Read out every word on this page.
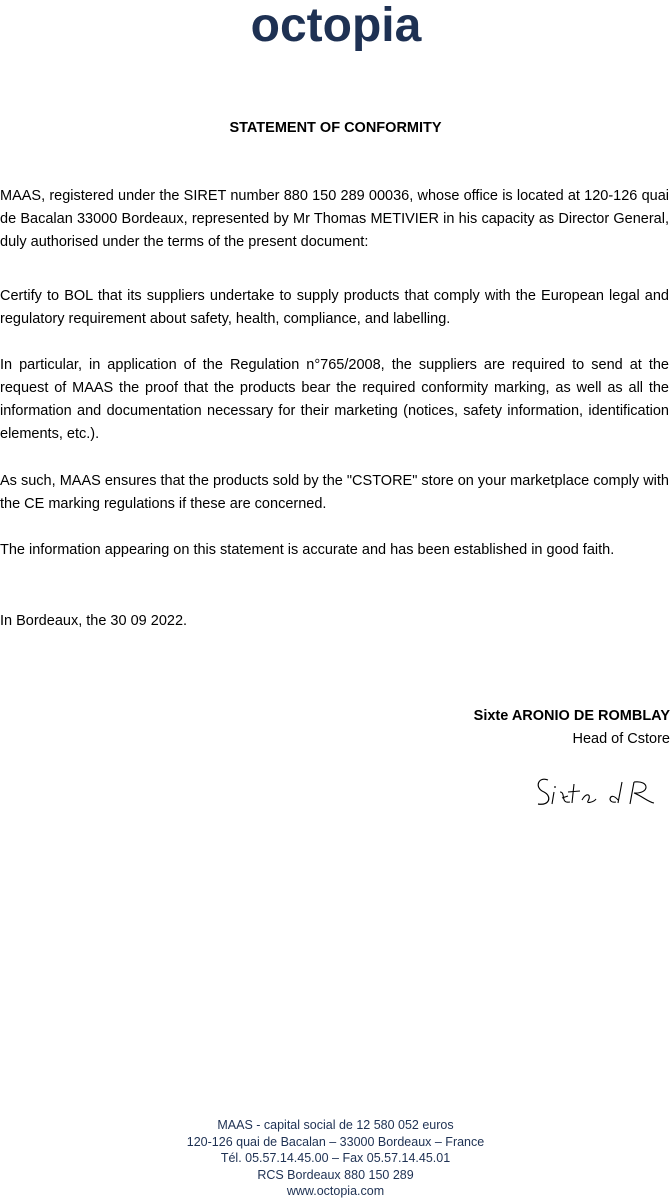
octopia
STATEMENT OF CONFORMITY

MAAS, registered under the SIRET number 880 150 289 00036, whose office is located at 120-126 quai de Bacalan 33000 Bordeaux, represented by Mr Thomas METIVIER in his capacity as Director General, duly authorised under the terms of the present document:

Certify to BOL that its suppliers undertake to supply products that comply with the European legal and regulatory requirement about safety, health, compliance, and labelling.

In particular, in application of the Regulation n°765/2008, the suppliers are required to send at the request of MAAS the proof that the products bear the required conformity marking, as well as all the information and documentation necessary for their marketing (notices, safety information, identification elements, etc.).

As such, MAAS ensures that the products sold by the "CSTORE" store on your marketplace comply with the CE marking regulations if these are concerned.

The information appearing on this statement is accurate and has been established in good faith.

In Bordeaux, the 30 09 2022.

Sixte ARONIO DE ROMBLAY
Head of Cstore
MAAS - capital social de 12 580 052 euros
120-126 quai de Bacalan – 33000 Bordeaux – France
Tél. 05.57.14.45.00 – Fax 05.57.14.45.01
RCS Bordeaux 880 150 289
www.octopia.com
